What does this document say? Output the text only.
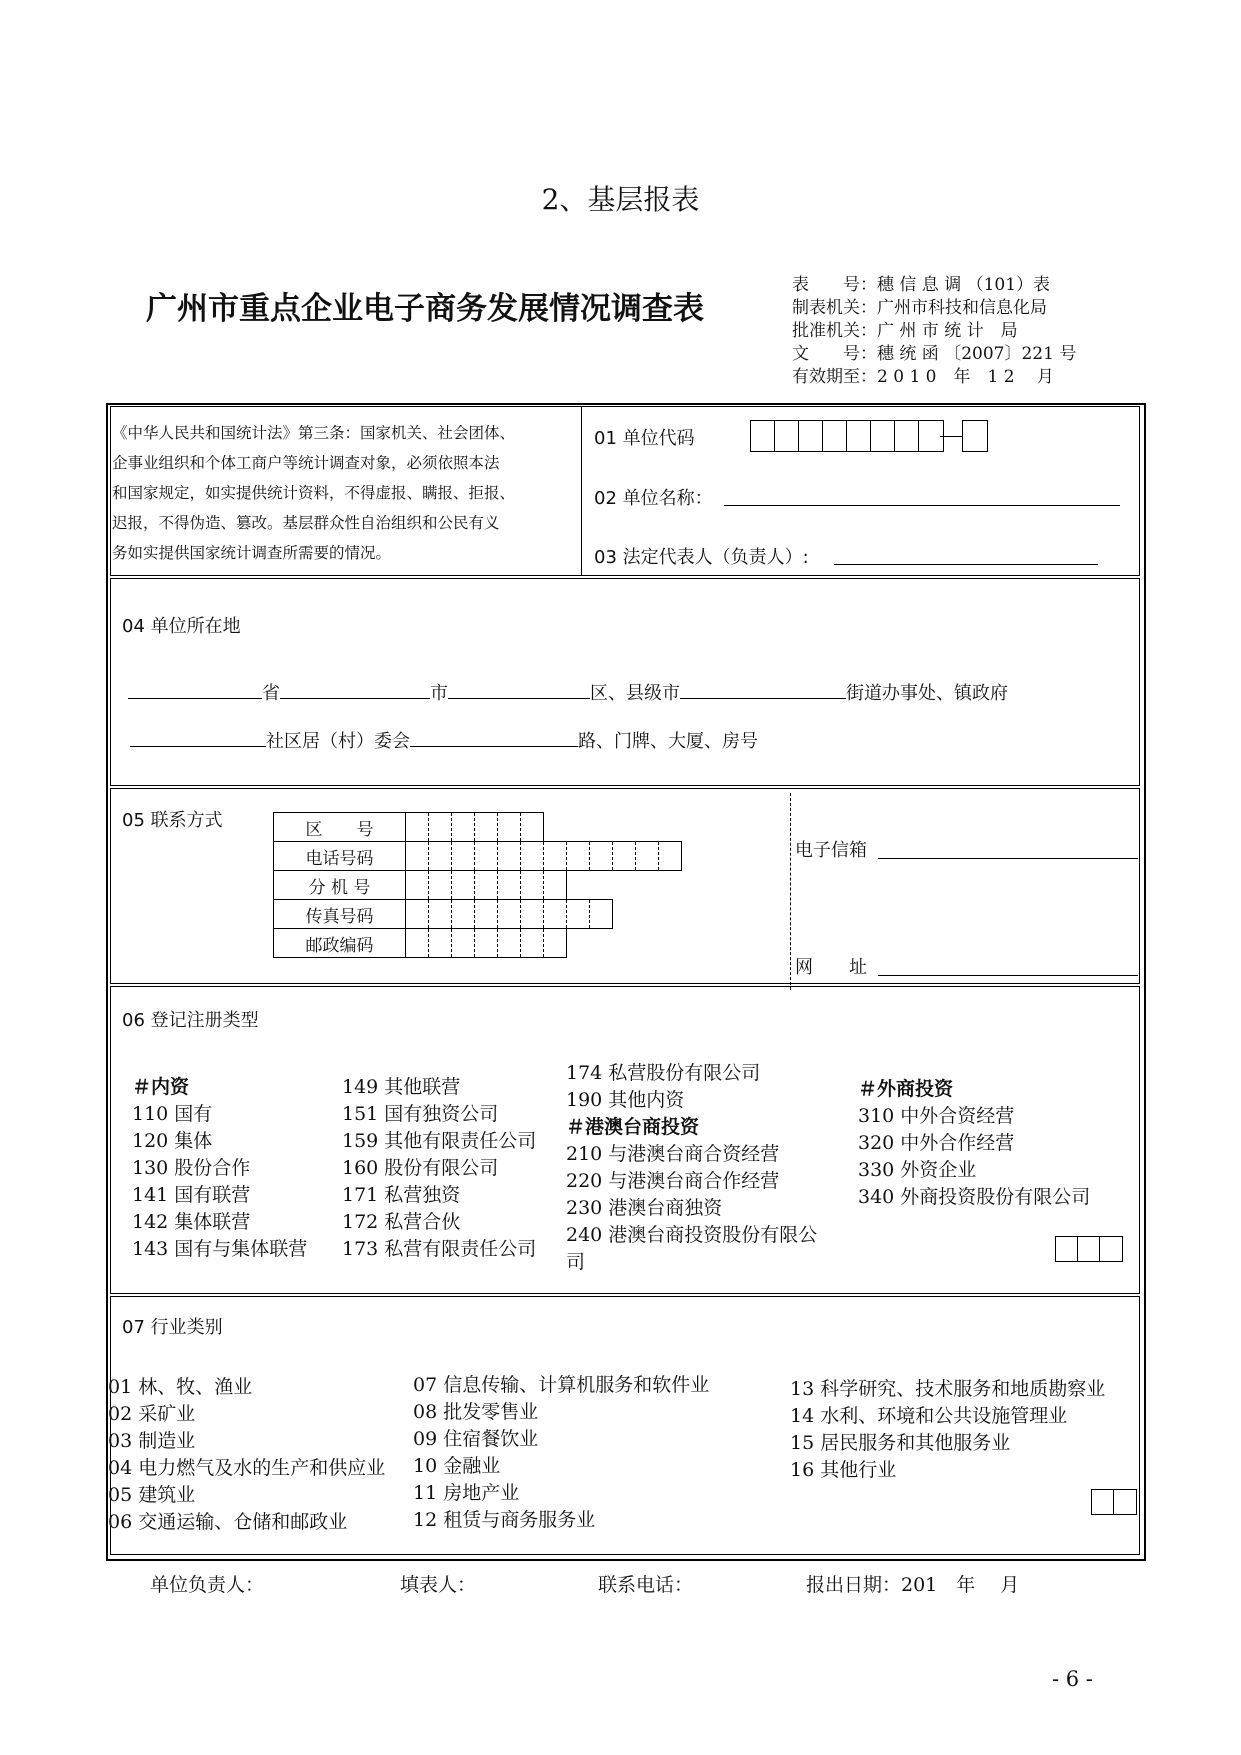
2、基层报表
广州市重点企业电子商务发展情况调查表
表　　号：穗 信 息 调 （101）表
制表机关：广州市科技和信息化局
批准机关：广 州 市 统 计　局
文　　号：穗 统 函 〔2007〕221 号
有效期至：2 0 1 0　年　1 2　 月
《中华人民共和国统计法》第三条：国家机关、社会团体、
企事业组织和个体工商户等统计调查对象，必须依照本法
和国家规定，如实提供统计资料，不得虚报、瞒报、拒报、
迟报，不得伪造、篡改。基层群众性自治组织和公民有义
务如实提供国家统计调查所需要的情况。
01 单位代码
02 单位名称：
03 法定代表人（负责人）:
04 单位所在地
省	市	区、县级市	街道办事处、镇政府
社区居（村）委会	路、门牌、大厦、房号
05 联系方式	区　　号												
电话号码												
分 机 号												
传真号码												
邮政编码												
电子信箱
网　　址
06 登记注册类型
＃内资
110 国有
120 集体
130 股份合作
141 国有联营
142 集体联营
143 国有与集体联营
149 其他联营
151 国有独资公司
159 其他有限责任公司
160 股份有限公司
171 私营独资
172 私营合伙
173 私营有限责任公司
174 私营股份有限公司
190 其他内资
＃港澳台商投资
210 与港澳台商合资经营
220 与港澳台商合作经营
230 港澳台商独资
240 港澳台商投资股份有限公
司
＃外商投资
310 中外合资经营
320 中外合作经营
330 外资企业
340 外商投资股份有限公司
07 行业类别
01 林、牧、渔业
02 采矿业
03 制造业
04 电力燃气及水的生产和供应业
05 建筑业
06 交通运输、仓储和邮政业
07 信息传输、计算机服务和软件业
08 批发零售业
09 住宿餐饮业
10 金融业
11 房地产业
12 租赁与商务服务业
13 科学研究、技术服务和地质勘察业
14 水利、环境和公共设施管理业
15 居民服务和其他服务业
16 其他行业
单位负责人：	填表人：	联系电话：	报出日期：201　年　 月
- 6 -
